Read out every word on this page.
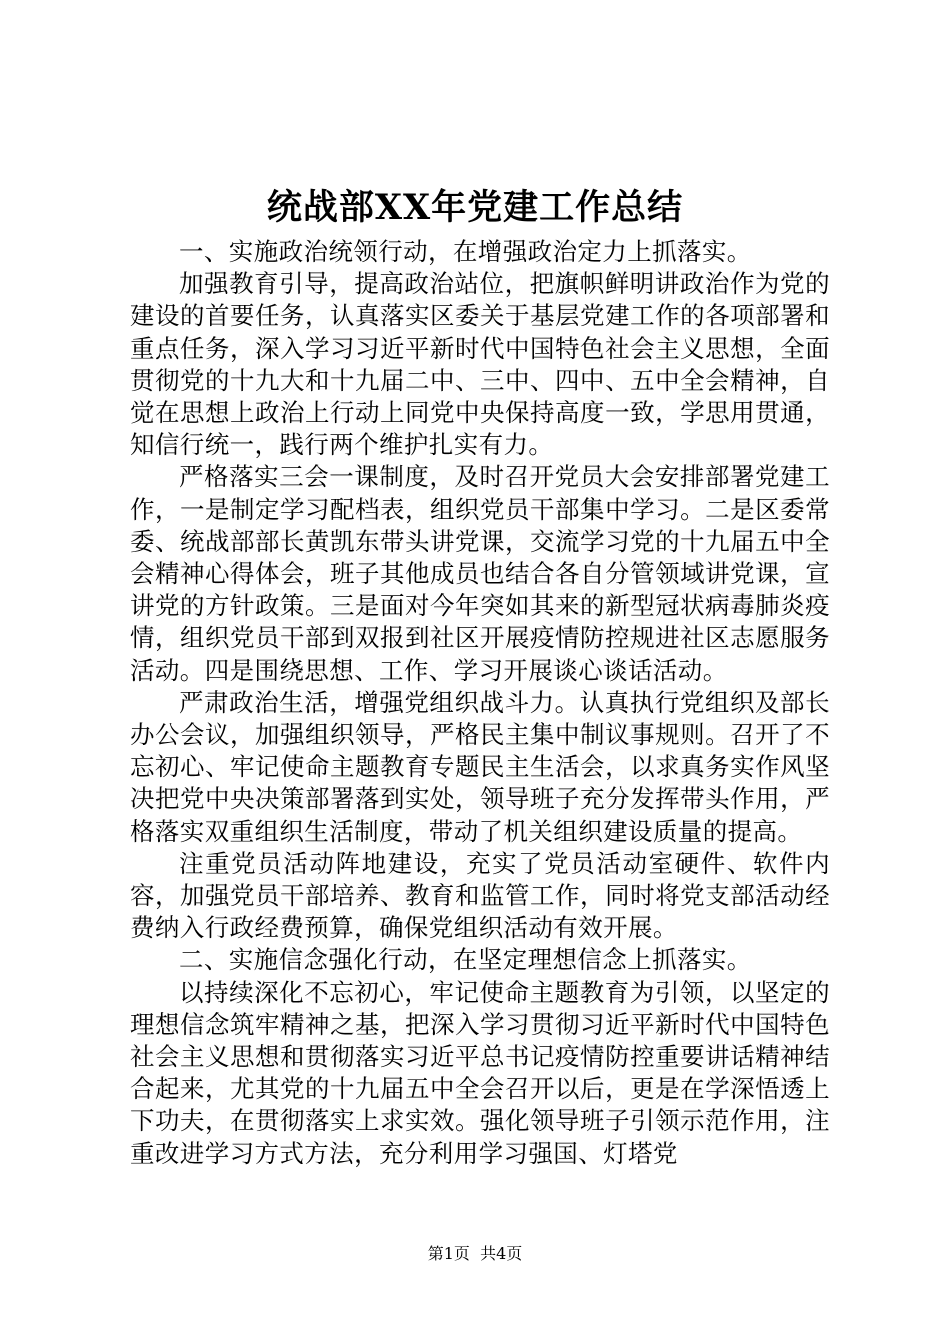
统战部XX年党建工作总结

一、实施政治统领行动，在增强政治定力上抓落实。

加强教育引导，提高政治站位，把旗帜鲜明讲政治作为党的建设的首要任务，认真落实区委关于基层党建工作的各项部署和重点任务，深入学习习近平新时代中国特色社会主义思想，全面贯彻党的十九大和十九届二中、三中、四中、五中全会精神，自觉在思想上政治上行动上同党中央保持高度一致，学思用贯通，知信行统一，践行两个维护扎实有力。

严格落实三会一课制度，及时召开党员大会安排部署党建工作，一是制定学习配档表，组织党员干部集中学习。二是区委常委、统战部部长黄凯东带头讲党课，交流学习党的十九届五中全会精神心得体会，班子其他成员也结合各自分管领域讲党课，宣讲党的方针政策。三是面对今年突如其来的新型冠状病毒肺炎疫情，组织党员干部到双报到社区开展疫情防控规进社区志愿服务活动。四是围绕思想、工作、学习开展谈心谈话活动。

严肃政治生活，增强党组织战斗力。认真执行党组织及部长办公会议，加强组织领导，严格民主集中制议事规则。召开了不忘初心、牢记使命主题教育专题民主生活会，以求真务实作风坚决把党中央决策部署落到实处，领导班子充分发挥带头作用，严格落实双重组织生活制度，带动了机关组织建设质量的提高。

注重党员活动阵地建设，充实了党员活动室硬件、软件内容，加强党员干部培养、教育和监管工作，同时将党支部活动经费纳入行政经费预算，确保党组织活动有效开展。

二、实施信念强化行动，在坚定理想信念上抓落实。

以持续深化不忘初心，牢记使命主题教育为引领，以坚定的理想信念筑牢精神之基，把深入学习贯彻习近平新时代中国特色社会主义思想和贯彻落实习近平总书记疫情防控重要讲话精神结合起来，尤其党的十九届五中全会召开以后，更是在学深悟透上下功夫，在贯彻落实上求实效。强化领导班子引领示范作用，注重改进学习方式方法，充分利用学习强国、灯塔党

第1页 共4页
